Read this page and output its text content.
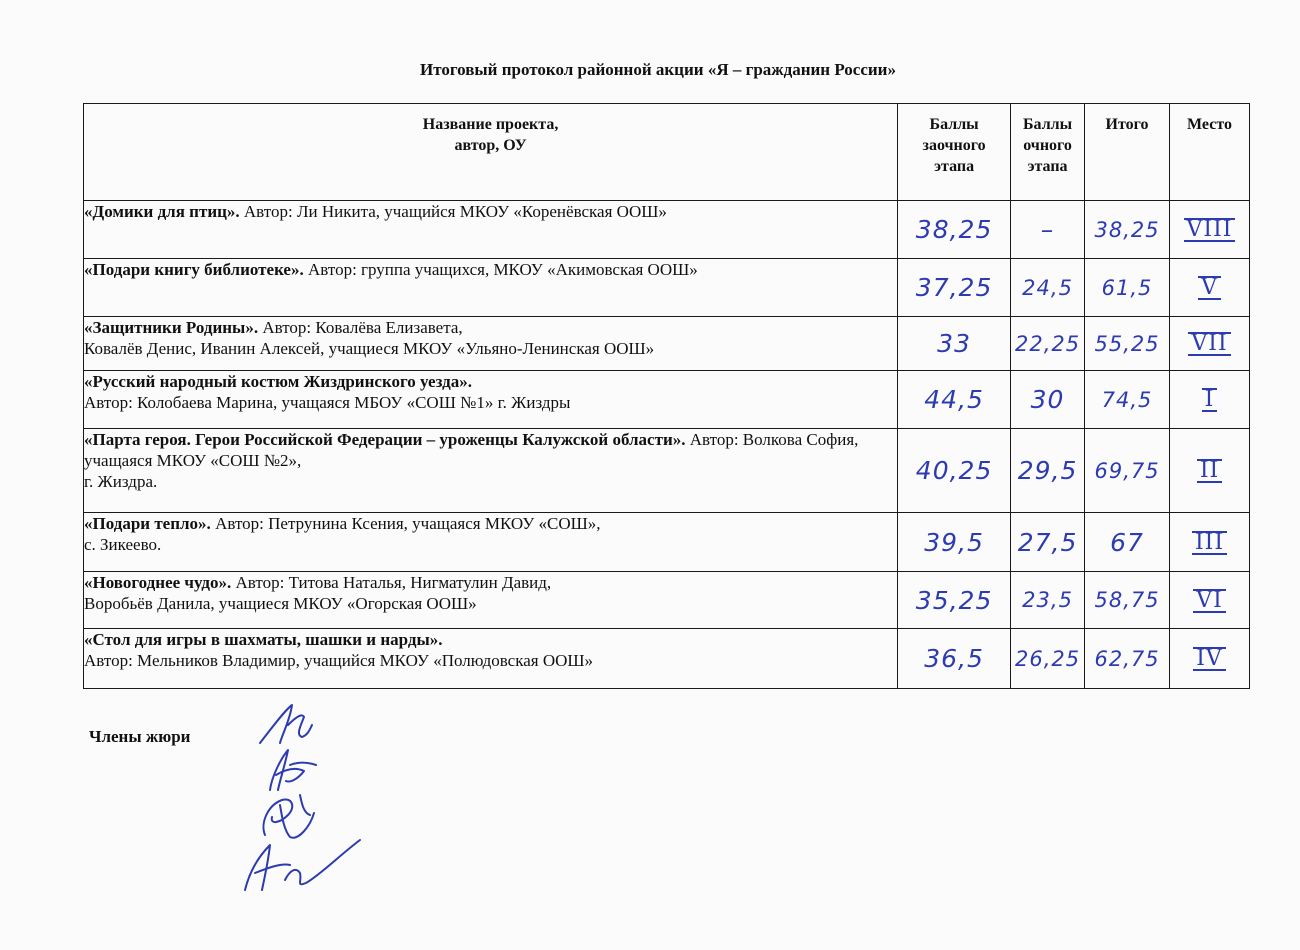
Итоговый протокол районной акции «Я – гражданин России»
Название проекта,
автор, ОУ	Баллы
заочного
этапа	Баллы
очного
этапа	Итого	Место
«Домики для птиц». Автор: Ли Никита, учащийся МКОУ «Коренёвская ООШ»	38,25	–	38,25	VIII
«Подари книгу библиотеке». Автор: группа учащихся, МКОУ «Акимовская ООШ»	37,25	24,5	61,5	V
«Защитники Родины». Автор: Ковалёва Елизавета,
Ковалёв Денис, Иванин Алексей, учащиеся МКОУ «Ульяно-Ленинская ООШ»	33	22,25	55,25	VII
«Русский народный костюм Жиздринского уезда».
Автор: Колобаева Марина, учащаяся МБОУ «СОШ №1» г. Жиздры	44,5	30	74,5	I
«Парта героя. Герои Российской Федерации – уроженцы Калужской области». Автор: Волкова София, учащаяся МКОУ «СОШ №2»,
г. Жиздра.	40,25	29,5	69,75	II
«Подари тепло». Автор: Петрунина Ксения, учащаяся МКОУ «СОШ»,
с. Зикеево.	39,5	27,5	67	III
«Новогоднее чудо». Автор: Титова Наталья, Нигматулин Давид,
Воробьёв Данила, учащиеся МКОУ «Огорская ООШ»	35,25	23,5	58,75	VI
«Стол для игры в шахматы, шашки и нарды».
Автор: Мельников Владимир, учащийся МКОУ «Полюдовская ООШ»	36,5	26,25	62,75	IV
Члены жюри
